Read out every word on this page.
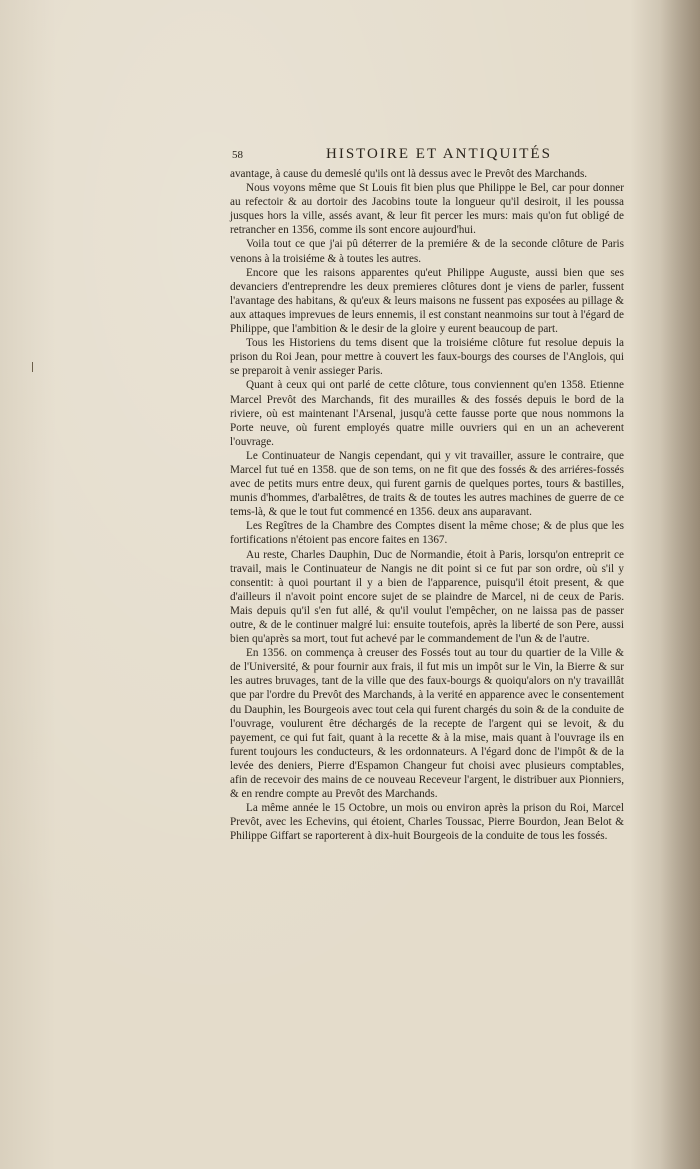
58	HISTOIRE ET ANTIQUITÉS

avantage, à cause du demeslé qu'ils ont là dessus avec le Prevôt des Marchands.

Nous voyons même que St Louis fit bien plus que Philippe le Bel, car pour donner au refectoir & au dortoir des Jacobins toute la longueur qu'il desiroit, il les poussa jusques hors la ville, assés avant, & leur fit percer les murs: mais qu'on fut obligé de retrancher en 1356, comme ils sont encore aujourd'hui.

Voila tout ce que j'ai pû déterrer de la premiére & de la seconde clôture de Paris venons à la troisiéme & à toutes les autres.

Encore que les raisons apparentes qu'eut Philippe Auguste, aussi bien que ses devanciers d'entreprendre les deux premieres clôtures dont je viens de parler, fussent l'avantage des habitans, & qu'eux & leurs maisons ne fussent pas exposées au pillage & aux attaques imprevues de leurs ennemis, il est constant neanmoins sur tout à l'égard de Philippe, que l'ambition & le desir de la gloire y eurent beaucoup de part.

Tous les Historiens du tems disent que la troisiéme clôture fut resolue depuis la prison du Roi Jean, pour mettre à couvert les faux-bourgs des courses de l'Anglois, qui se preparoit à venir assieger Paris.

Quant à ceux qui ont parlé de cette clôture, tous conviennent qu'en 1358. Etienne Marcel Prevôt des Marchands, fit des murailles & des fossés depuis le bord de la riviere, où est maintenant l'Arsenal, jusqu'à cette fausse porte que nous nommons la Porte neuve, où furent employés quatre mille ouvriers qui en un an acheverent l'ouvrage.

Le Continuateur de Nangis cependant, qui y vit travailler, assure le contraire, que Marcel fut tué en 1358. que de son tems, on ne fit que des fossés & des arriéres-fossés avec de petits murs entre deux, qui furent garnis de quelques portes, tours & bastilles, munis d'hommes, d'arbalêtres, de traits & de toutes les autres machines de guerre de ce tems-là, & que le tout fut commencé en 1356. deux ans auparavant.

Les Regîtres de la Chambre des Comptes disent la même chose; & de plus que les fortifications n'étoient pas encore faites en 1367.

Au reste, Charles Dauphin, Duc de Normandie, étoit à Paris, lorsqu'on entreprit ce travail, mais le Continuateur de Nangis ne dit point si ce fut par son ordre, où s'il y consentit: à quoi pourtant il y a bien de l'apparence, puisqu'il étoit present, & que d'ailleurs il n'avoit point encore sujet de se plaindre de Marcel, ni de ceux de Paris. Mais depuis qu'il s'en fut allé, & qu'il voulut l'empêcher, on ne laissa pas de passer outre, & de le continuer malgré lui: ensuite toutefois, après la liberté de son Pere, aussi bien qu'après sa mort, tout fut achevé par le commandement de l'un & de l'autre.

En 1356. on commença à creuser des Fossés tout au tour du quartier de la Ville & de l'Université, & pour fournir aux frais, il fut mis un impôt sur le Vin, la Bierre & sur les autres bruvages, tant de la ville que des faux-bourgs & quoiqu'alors on n'y travaillât que par l'ordre du Prevôt des Marchands, à la verité en apparence avec le consentement du Dauphin, les Bourgeois avec tout cela qui furent chargés du soin & de la conduite de l'ouvrage, voulurent être déchargés de la recepte de l'argent qui se levoit, & du payement, ce qui fut fait, quant à la recette & à la mise, mais quant à l'ouvrage ils en furent toujours les conducteurs, & les ordonnateurs. A l'égard donc de l'impôt & de la levée des deniers, Pierre d'Espamon Changeur fut choisi avec plusieurs comptables, afin de recevoir des mains de ce nouveau Receveur l'argent, le distribuer aux Pionniers, & en rendre compte au Prevôt des Marchands.

La même année le 15 Octobre, un mois ou environ après la prison du Roi, Marcel Prevôt, avec les Echevins, qui étoient, Charles Toussac, Pierre Bourdon, Jean Belot & Philippe Giffart se raporterent à dix-huit Bourgeois de la conduite de tous les fossés.
